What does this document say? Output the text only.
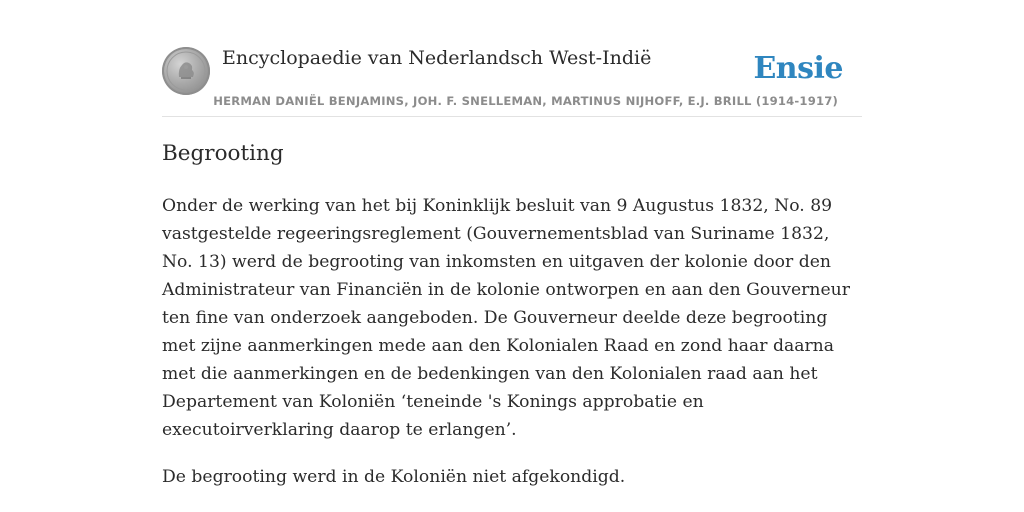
Encyclopaedie van Nederlandsch West-Indië	Ensie
HERMAN DANIËL BENJAMINS, JOH. F. SNELLEMAN, MARTINUS NIJHOFF, E.J. BRILL (1914-1917)
Begrooting

Onder de werking van het bij Koninklijk besluit van 9 Augustus 1832, No. 89 vastgestelde regeeringsreglement (Gouvernementsblad van Suriname 1832, No. 13) werd de begrooting van inkomsten en uitgaven der kolonie door den Administrateur van Financiën in de kolonie ontworpen en aan den Gouverneur ten fine van onderzoek aangeboden. De Gouverneur deelde deze begrooting met zijne aanmerkingen mede aan den Kolonialen Raad en zond haar daarna met die aanmerkingen en de bedenkingen van den Kolonialen raad aan het Departement van Koloniën ‘teneinde 's Konings approbatie en executoirverklaring daarop te erlangen’.

De begrooting werd in de Koloniën niet afgekondigd.
